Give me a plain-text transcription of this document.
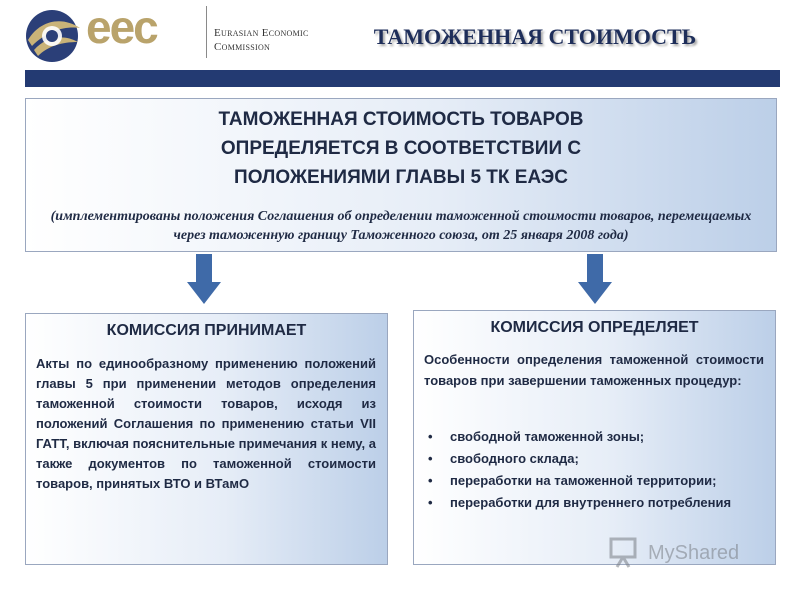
eec	Eurasian Economic
Commission	ТАМОЖЕННАЯ СТОИМОСТЬ
ТАМОЖЕННАЯ СТОИМОСТЬ ТОВАРОВ
ОПРЕДЕЛЯЕТСЯ В СООТВЕТСТВИИ С
ПОЛОЖЕНИЯМИ ГЛАВЫ 5 ТК ЕАЭС
(имплементированы положения Соглашения об определении таможенной стоимости товаров, перемещаемых через таможенную границу Таможенного союза, от 25 января 2008 года)
КОМИССИЯ ПРИНИМАЕТ
Акты по единообразному применению положений главы 5 при применении методов определения таможенной стоимости товаров, исходя из положений Соглашения по применению статьи VII ГАТТ, включая пояснительные примечания к нему, а также документов по таможенной стоимости товаров, принятых ВТО и ВТамО
КОМИССИЯ ОПРЕДЕЛЯЕТ
Особенности определения таможенной стоимости товаров при завершении таможенных процедур:
• свободной таможенной зоны;
• свободного склада;
• переработки на таможенной территории;
• переработки для внутреннего потребления
MyShared
